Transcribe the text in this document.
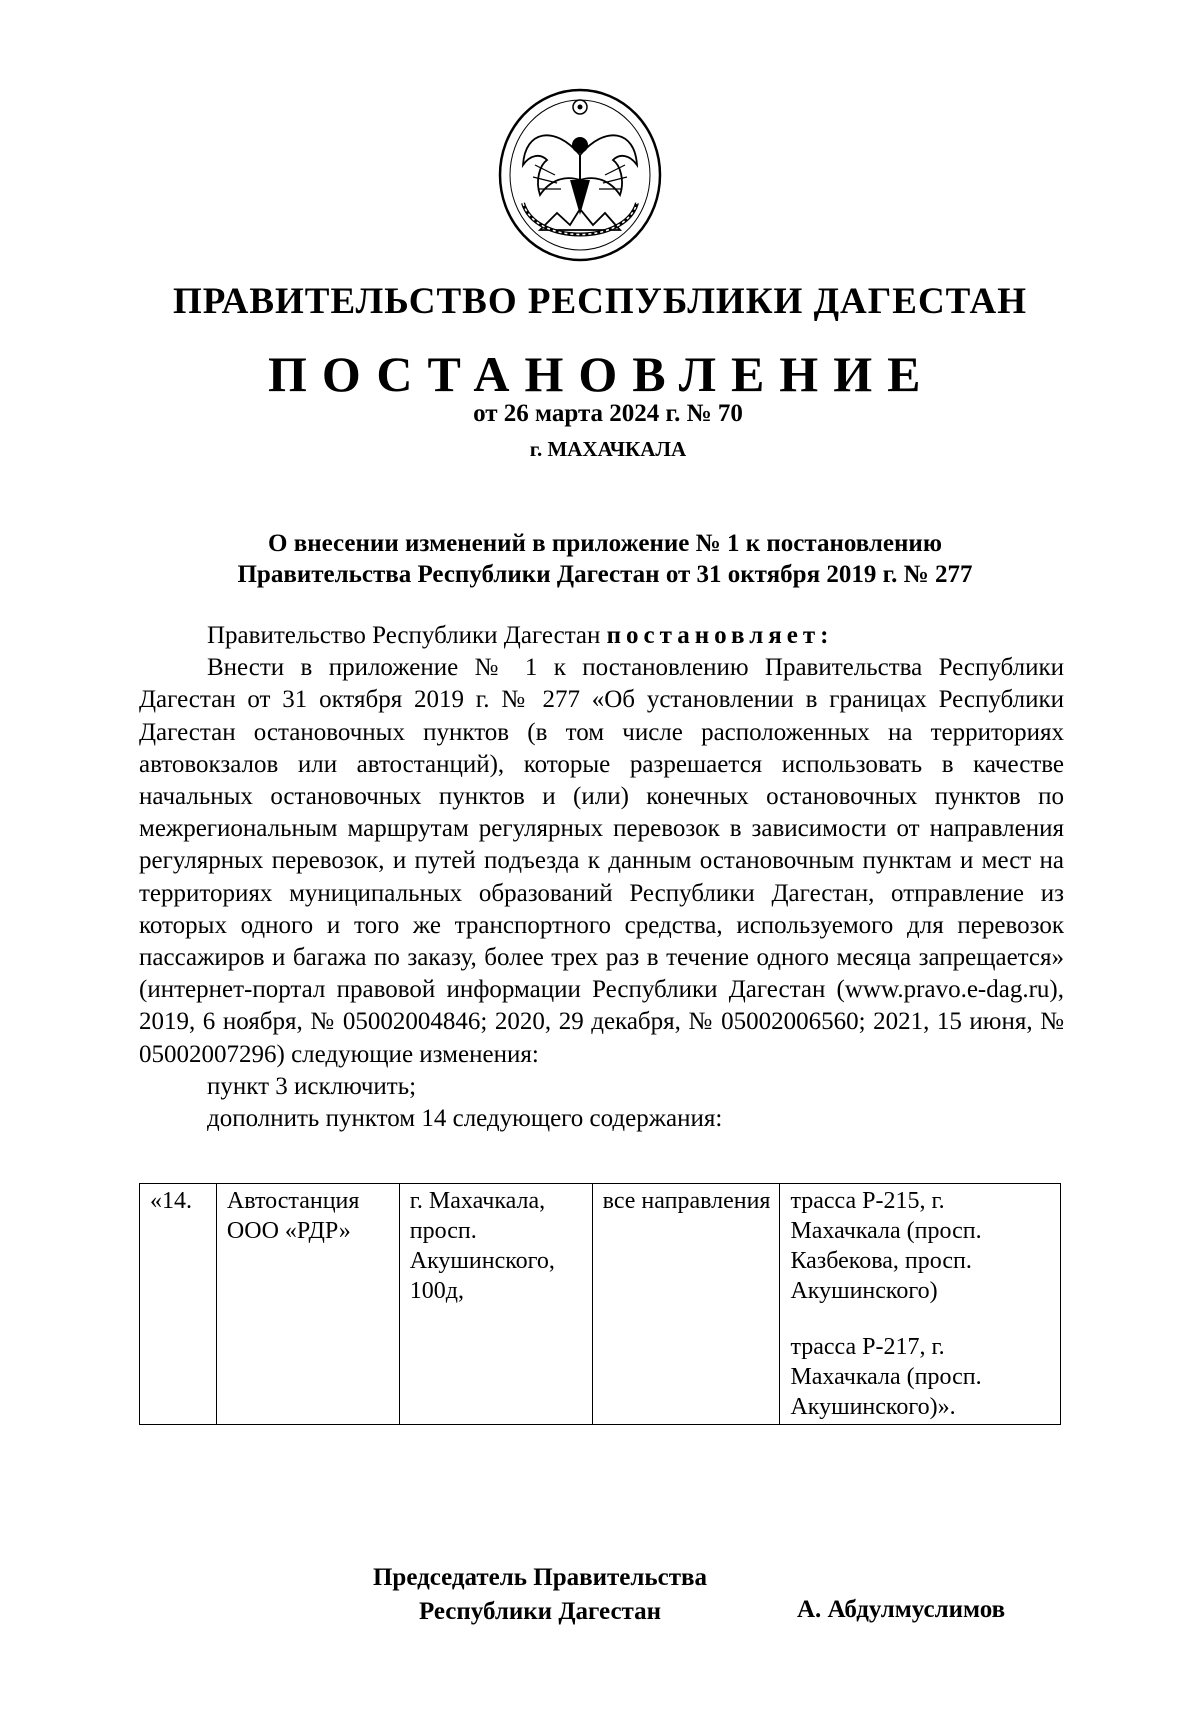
ПРАВИТЕЛЬСТВО РЕСПУБЛИКИ ДАГЕСТАН
ПОСТАНОВЛЕНИЕ
от 26 марта 2024 г. № 70
г. МАХАЧКАЛА
О внесении изменений в приложение № 1 к постановлению
Правительства Республики Дагестан от 31 октября 2019 г. № 277

Правительство Республики Дагестан постановляет:

Внести в приложение № 1 к постановлению Правительства Республики Дагестан от 31 октября 2019 г. № 277 «Об установлении в границах Республики Дагестан остановочных пунктов (в том числе расположенных на территориях автовокзалов или автостанций), которые разрешается использовать в качестве начальных остановочных пунктов и (или) конечных остановочных пунктов по межрегиональным маршрутам регулярных перевозок в зависимости от направления регулярных перевозок, и путей подъезда к данным остановочным пунктам и мест на территориях муниципальных образований Республики Дагестан, отправление из которых одного и того же транспортного средства, используемого для перевозок пассажиров и багажа по заказу, более трех раз в течение одного месяца запрещается» (интернет-портал правовой информации Республики Дагестан (www.pravo.e-dag.ru), 2019, 6 ноября, № 05002004846; 2020, 29 декабря, № 05002006560; 2021, 15 июня, № 05002007296) следующие изменения:

пункт 3 исключить;

дополнить пунктом 14 следующего содержания:

«14.	Автостанция ООО «РДР»	г. Махачкала, просп. Акушинского, 100д,	все направления	трасса Р-215, г. Махачкала (просп. Казбекова, просп. Акушинского)
трасса Р-217, г. Махачкала (просп. Акушинского)».
Председатель Правительства
Республики Дагестан	А. Абдулмуслимов
